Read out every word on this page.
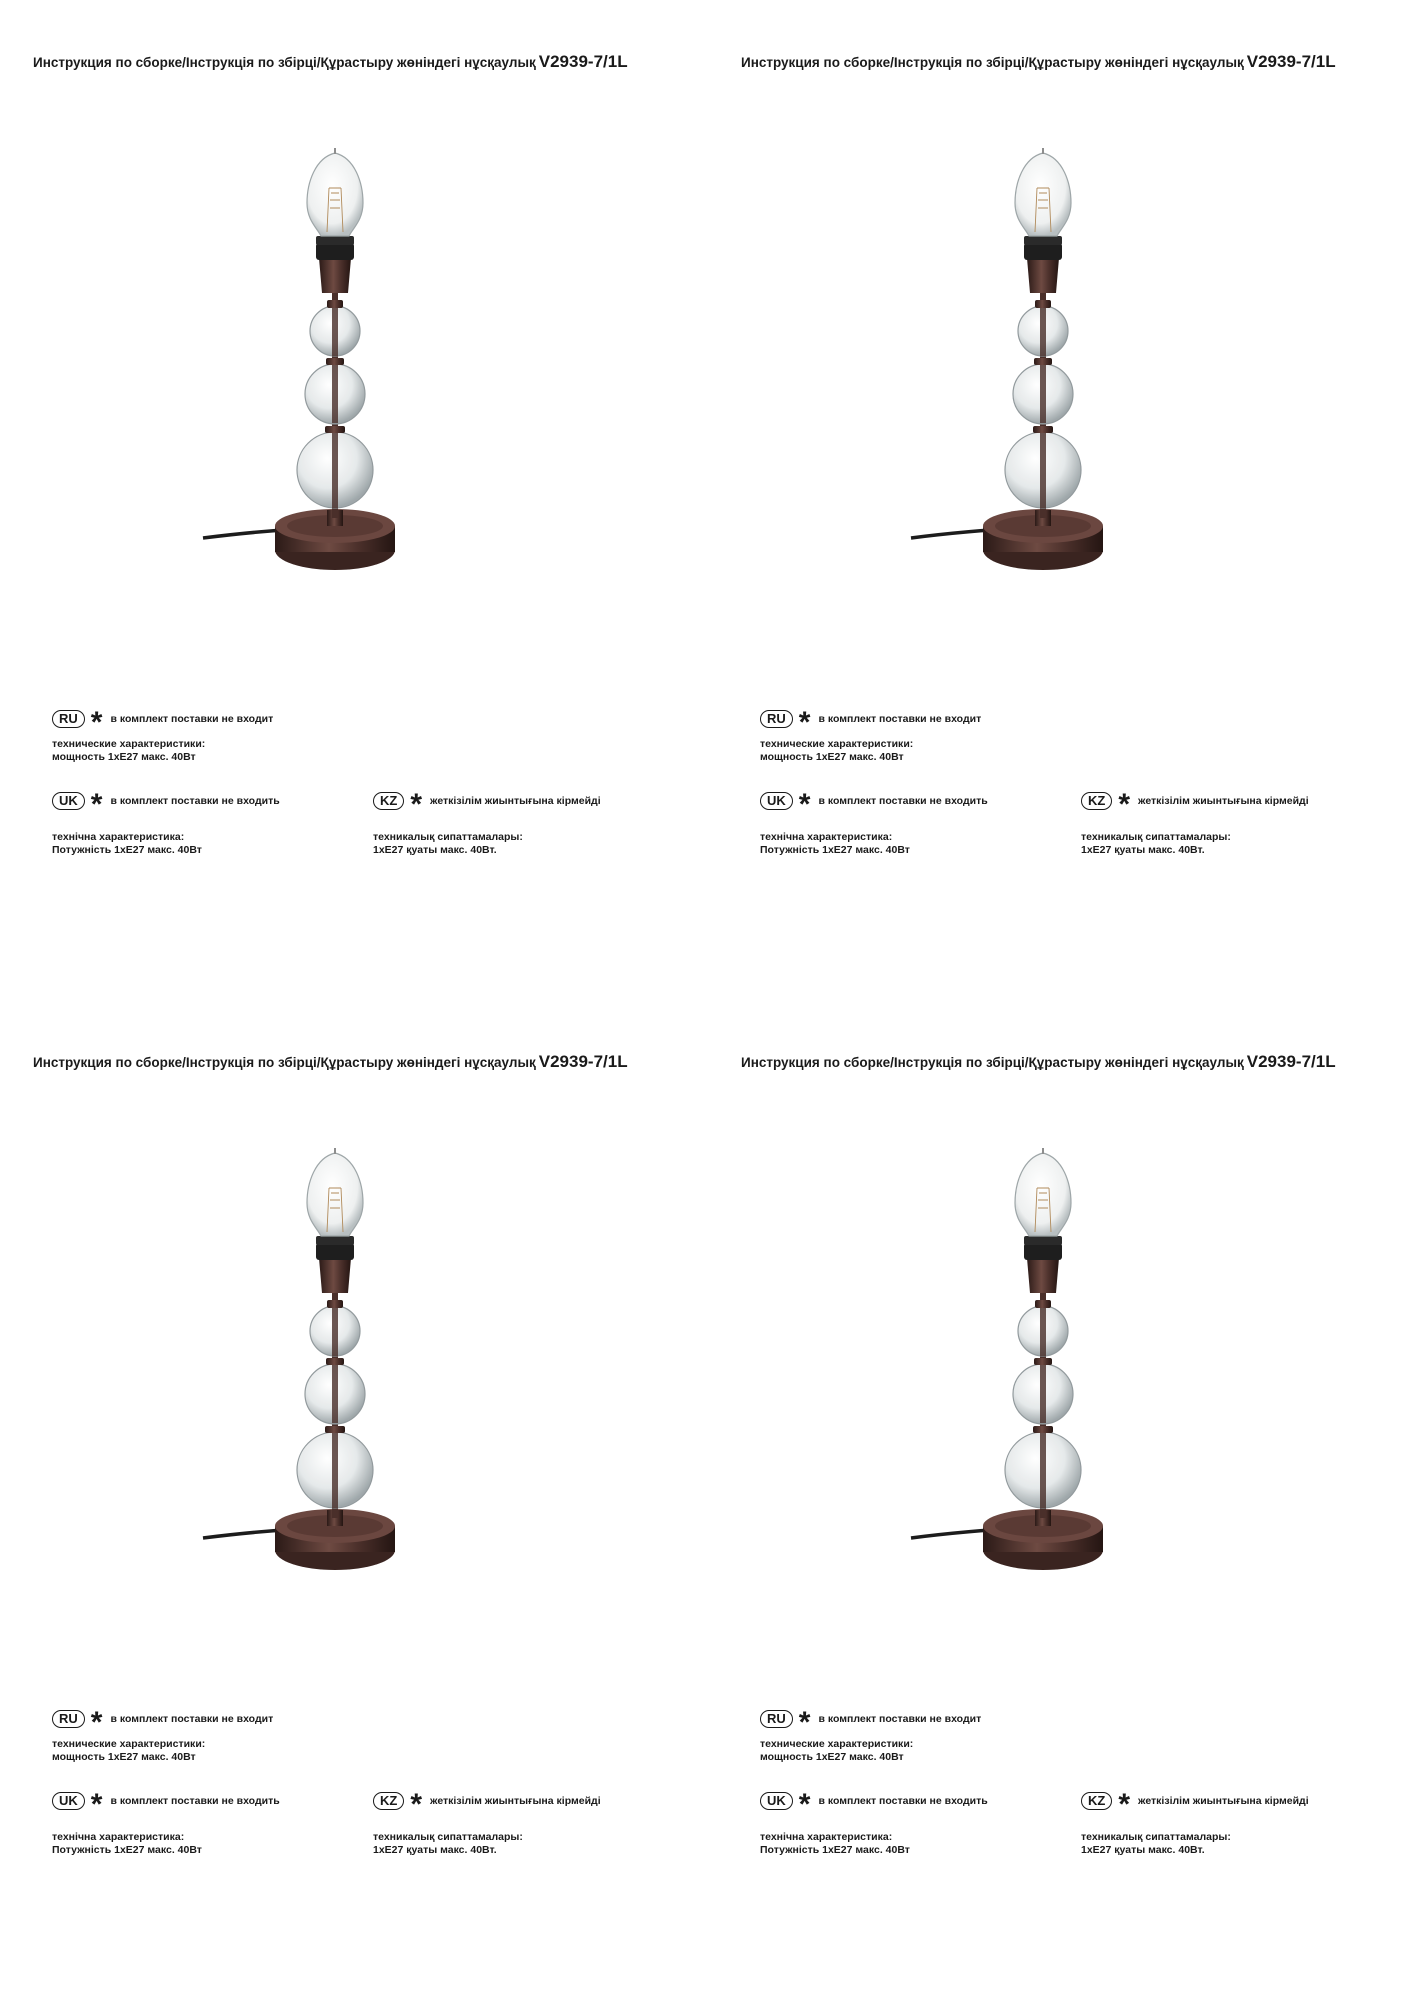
Инструкция по сборке/Інструкція по збірці/Құрастыру жөніндегі нұсқаулық V2939-7/1L
RU * в комплект поставки не входит
технические характеристики:
мощность 1хЕ27 макс. 40Вт
UK * в комплект поставки не входить
технічна характеристика:
Потужність 1хЕ27 макс. 40Вт
KZ * жеткізілім жиынтығына кірмейді
техникалық сипаттамалары:
1хЕ27 қуаты макс. 40Вт.
Инструкция по сборке/Інструкція по збірці/Құрастыру жөніндегі нұсқаулық V2939-7/1L
RU * в комплект поставки не входит
технические характеристики:
мощность 1хЕ27 макс. 40Вт
UK * в комплект поставки не входить
технічна характеристика:
Потужність 1хЕ27 макс. 40Вт
KZ * жеткізілім жиынтығына кірмейді
техникалық сипаттамалары:
1хЕ27 қуаты макс. 40Вт.
Инструкция по сборке/Інструкція по збірці/Құрастыру жөніндегі нұсқаулық V2939-7/1L
RU * в комплект поставки не входит
технические характеристики:
мощность 1хЕ27 макс. 40Вт
UK * в комплект поставки не входить
технічна характеристика:
Потужність 1хЕ27 макс. 40Вт
KZ * жеткізілім жиынтығына кірмейді
техникалық сипаттамалары:
1хЕ27 қуаты макс. 40Вт.
Инструкция по сборке/Інструкція по збірці/Құрастыру жөніндегі нұсқаулық V2939-7/1L
RU * в комплект поставки не входит
технические характеристики:
мощность 1хЕ27 макс. 40Вт
UK * в комплект поставки не входить
технічна характеристика:
Потужність 1хЕ27 макс. 40Вт
KZ * жеткізілім жиынтығына кірмейді
техникалық сипаттамалары:
1хЕ27 қуаты макс. 40Вт.
